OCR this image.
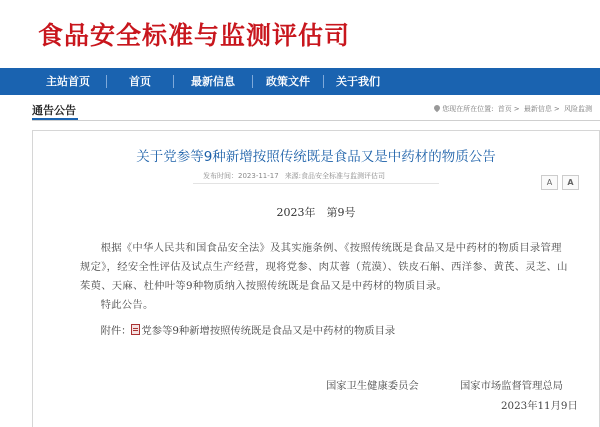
食品安全标准与监测评估司
主站首页	首页	最新信息	政策文件	关于我们
通告公告	您现在所在位置: 首页 > 最新信息 > 风险监测
关于党参等9种新增按照传统既是食品又是中药材的物质公告
发布时间：2023-11-17 来源:食品安全标准与监测评估司
A A
2023年　第9号

根据《中华人民共和国食品安全法》及其实施条例、《按照传统既是食品又是中药材的物质目录管理规定》，经安全性评估及试点生产经营，现将党参、肉苁蓉（荒漠）、铁皮石斛、西洋参、黄芪、灵芝、山茱萸、天麻、杜仲叶等9种物质纳入按照传统既是食品又是中药材的物质目录。

特此公告。

附件： 党参等9种新增按照传统既是食品又是中药材的物质目录
国家卫生健康委员会	国家市场监督管理总局
2023年11月9日
